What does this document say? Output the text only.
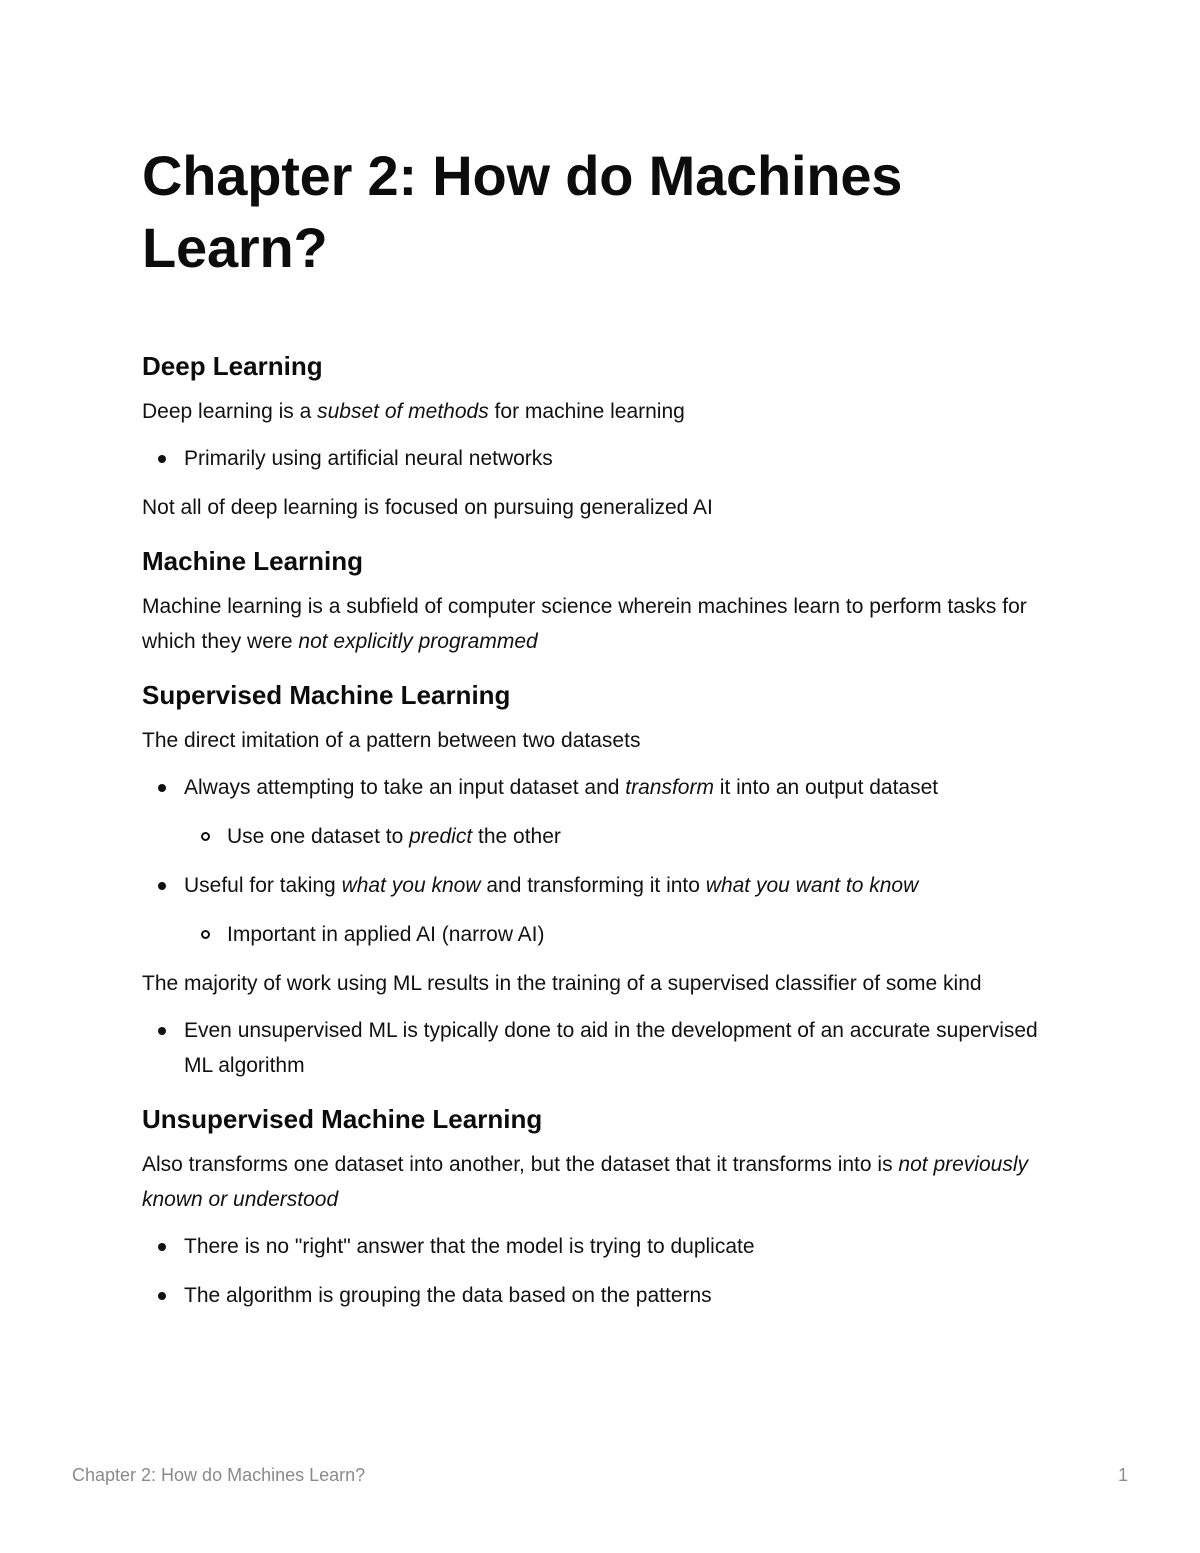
Chapter 2: How do Machines Learn?
Deep Learning

Deep learning is a subset of methods for machine learning

Primarily using artificial neural networks

Not all of deep learning is focused on pursuing generalized AI

Machine Learning

Machine learning is a subfield of computer science wherein machines learn to perform tasks for which they were not explicitly programmed

Supervised Machine Learning

The direct imitation of a pattern between two datasets

Always attempting to take an input dataset and transform it into an output dataset
Use one dataset to predict the other
Useful for taking what you know and transforming it into what you want to know
Important in applied AI (narrow AI)

The majority of work using ML results in the training of a supervised classifier of some kind

Even unsupervised ML is typically done to aid in the development of an accurate supervised ML algorithm
Unsupervised Machine Learning

Also transforms one dataset into another, but the dataset that it transforms into is not previously known or understood

There is no "right" answer that the model is trying to duplicate
The algorithm is grouping the data based on the patterns
Chapter 2: How do Machines Learn?	1
